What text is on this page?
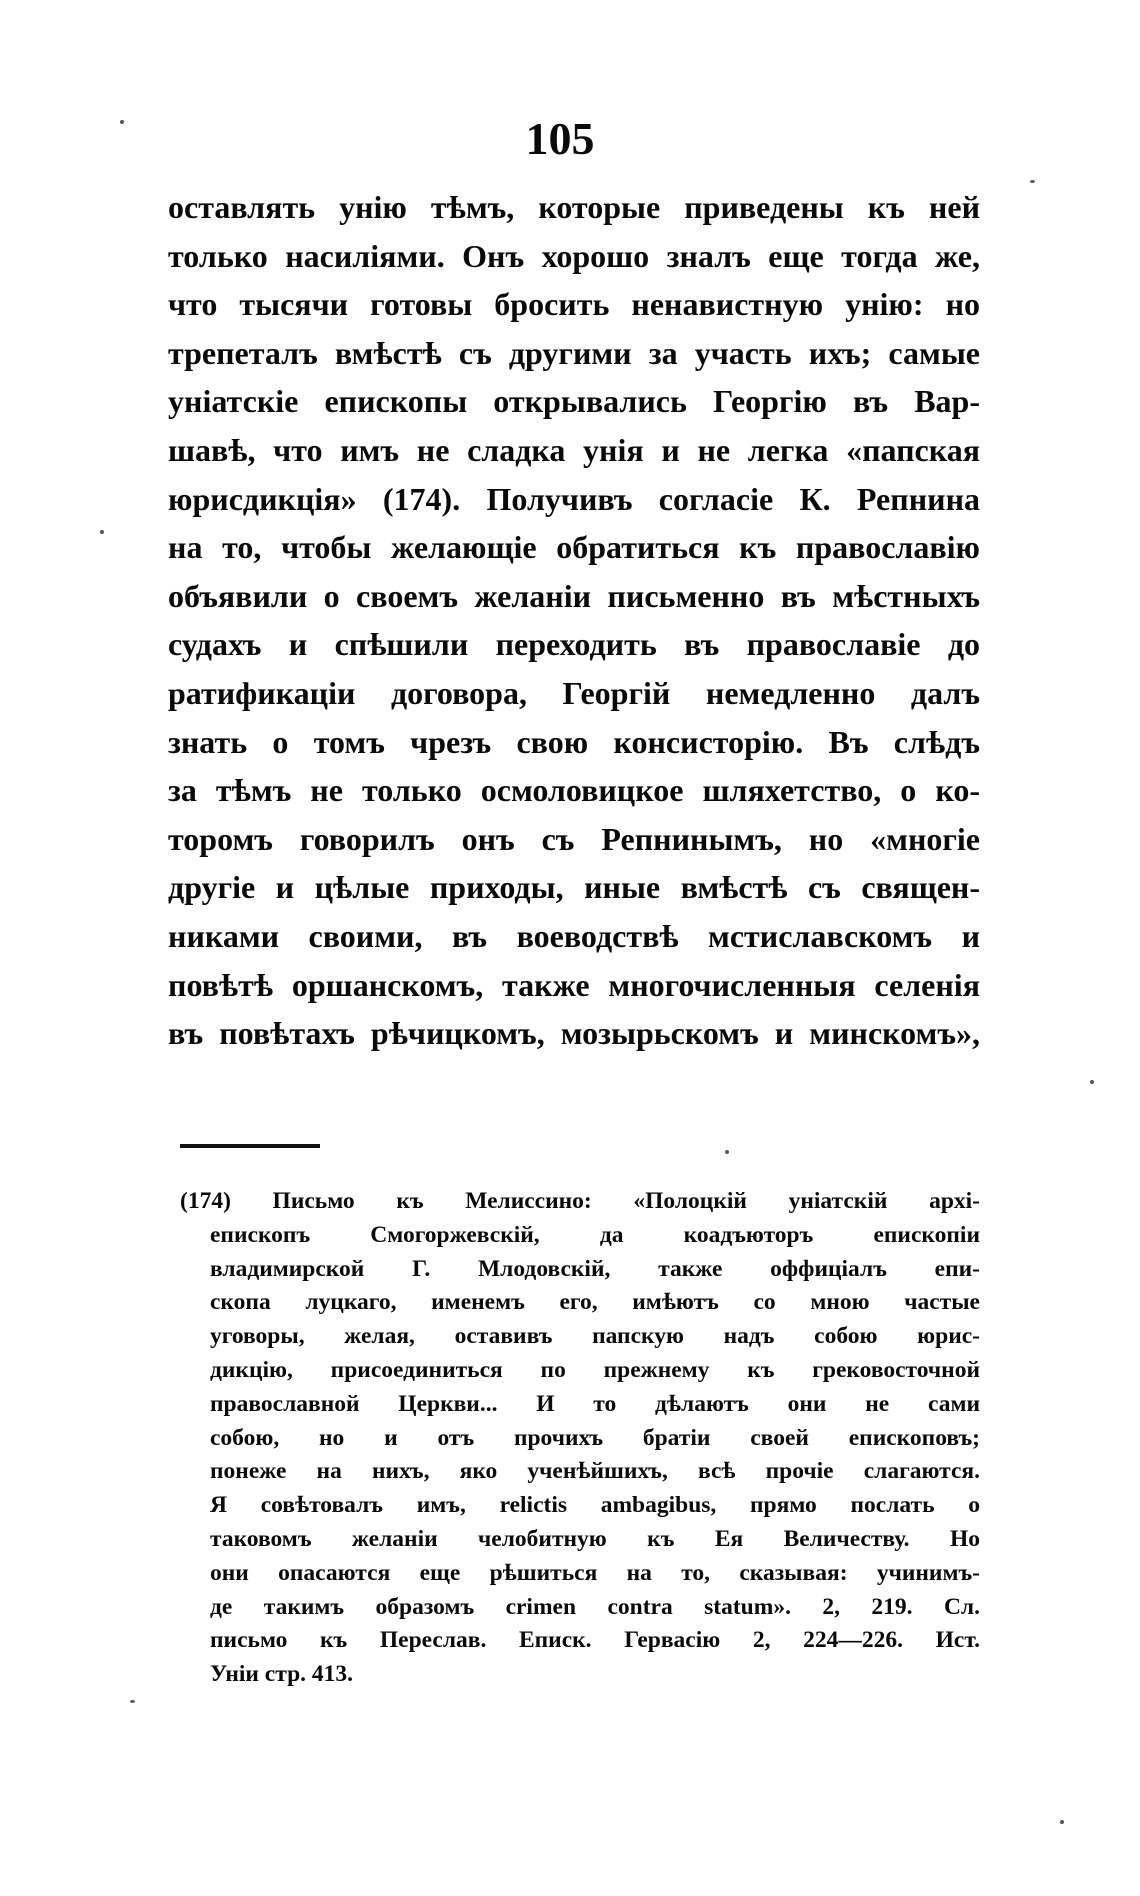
105
оставлять унію тѣмъ, которые приведены къ ней
только насиліями. Онъ хорошо зналъ еще тогда же,
что тысячи готовы бросить ненавистную унію: но
трепеталъ вмѣстѣ съ другими за участь ихъ; самые
уніатскіе епископы открывались Георгію въ Вар-
шавѣ, что имъ не сладка унія и не легка «папская
юрисдикція» (174). Получивъ согласіе К. Репнина
на то, чтобы желающіе обратиться къ православію
объявили о своемъ желаніи письменно въ мѣстныхъ
судахъ и спѣшили переходить въ православіе до
ратификаціи договора, Георгій немедленно далъ
знать о томъ чрезъ свою консисторію. Въ слѣдъ
за тѣмъ не только осмоловицкое шляхетство, о ко-
торомъ говорилъ онъ съ Репнинымъ, но «многіе
другіе и цѣлые приходы, иные вмѣстѣ съ священ-
никами своими, въ воеводствѣ мстиславскомъ и
повѣтѣ оршанскомъ, также многочисленныя селенія
въ повѣтахъ рѣчицкомъ, мозырьскомъ и минскомъ»,
(174) Письмо къ Мелиссино: «Полоцкій уніатскій архі-
епископъ Смогоржевскій, да коадъюторъ епископіи
владимирской Г. Млодовскій, также оффиціалъ епи-
скопа луцкаго, именемъ его, имѣютъ со мною частые
уговоры, желая, оставивъ папскую надъ собою юрис-
дикцію, присоединиться по прежнему къ грековосточной
православной Церкви... И то дѣлаютъ они не сами
собою, но и отъ прочихъ братіи своей епископовъ;
понеже на нихъ, яко ученѣйшихъ, всѣ прочіе слагаются.
Я совѣтовалъ имъ, relictis ambagibus, прямо послать о
таковомъ желаніи челобитную къ Ея Величеству. Но
они опасаются еще рѣшиться на то, сказывая: учинимъ-
де такимъ образомъ crimen contra statum». 2, 219. Сл.
письмо къ Переслав. Еписк. Гервасію 2, 224—226. Ист.
Уніи стр. 413.
